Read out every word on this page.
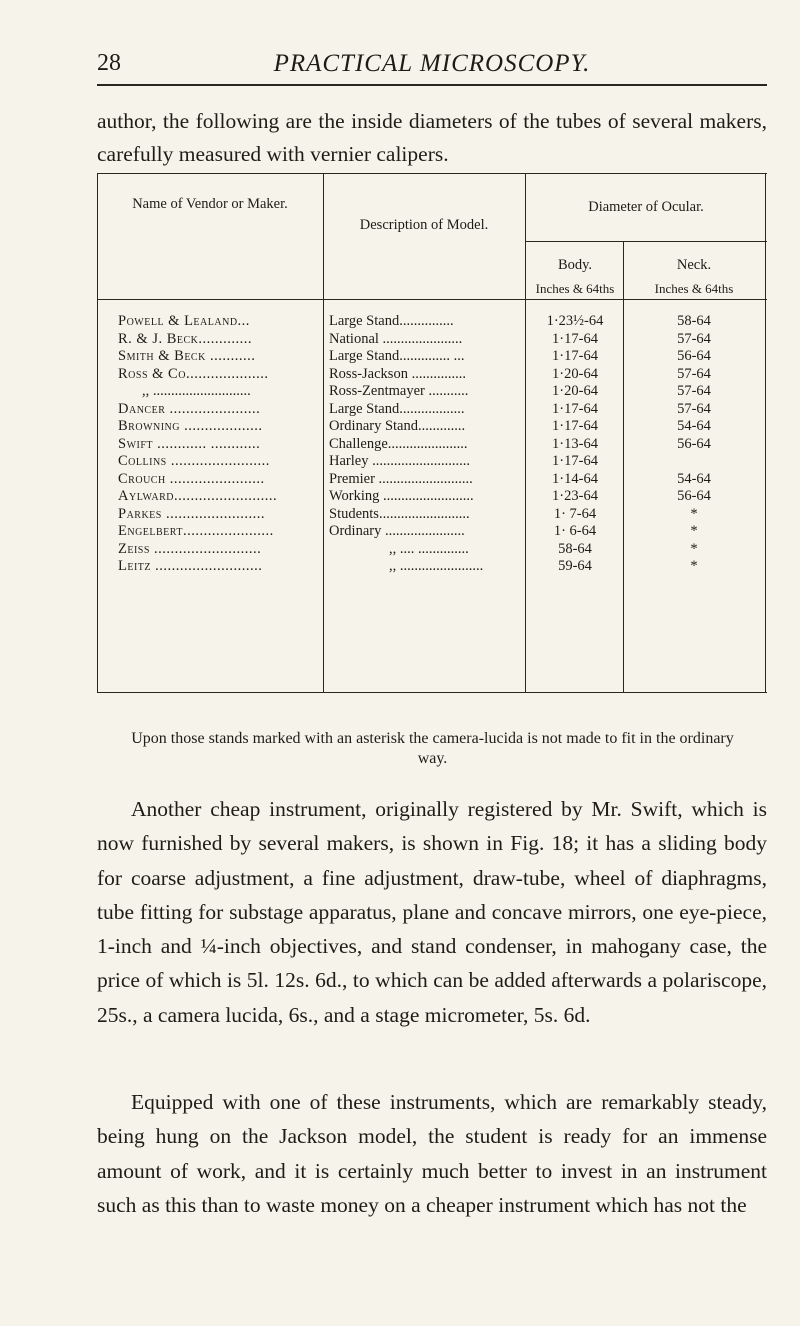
28	PRACTICAL MICROSCOPY.
author, the following are the inside diameters of the tubes of several makers, carefully measured with vernier calipers.
Name of Vendor or Maker.
Description of Model.
Diameter of Ocular.
Body.	Neck.
Inches & 64ths	Inches & 64ths
Powell & Lealand...	Large Stand...............	1·23½-64	58-64
R. & J. Beck.............	National ......................	1·17-64	57-64
Smith & Beck ...........	Large Stand.............. ...	1·17-64	56-64
Ross & Co....................	Ross-Jackson ...............	1·20-64	57-64
,, ...........................	Ross-Zentmayer ...........	1·20-64	57-64
Dancer ......................	Large Stand..................	1·17-64	57-64
Browning ...................	Ordinary Stand.............	1·17-64	54-64
Swift ............ ............	Challenge......................	1·13-64	56-64
Collins ........................	Harley ...........................	1·17-64
Crouch .......................	Premier ..........................	1·14-64	54-64
Aylward.........................	Working .........................	1·23-64	56-64
Parkes ........................	Students.........................	1· 7-64	*
Engelbert......................	Ordinary ......................	1· 6-64	*
Zeiss ..........................	,, .... ..............	58-64	*
Leitz ..........................	,, .......................	59-64	*
Upon those stands marked with an asterisk the camera-lucida is not made to fit in the ordinary way.
Another cheap instrument, originally registered by Mr. Swift, which is now furnished by several makers, is shown in Fig. 18; it has a sliding body for coarse adjustment, a fine adjustment, draw-tube, wheel of diaphragms, tube fitting for substage apparatus, plane and concave mirrors, one eye-piece, 1-inch and ¼-inch objectives, and stand condenser, in mahogany case, the price of which is 5l. 12s. 6d., to which can be added afterwards a polariscope, 25s., a camera lucida, 6s., and a stage micrometer, 5s. 6d.
Equipped with one of these instruments, which are remarkably steady, being hung on the Jackson model, the student is ready for an immense amount of work, and it is certainly much better to invest in an instrument such as this than to waste money on a cheaper instrument which has not the
